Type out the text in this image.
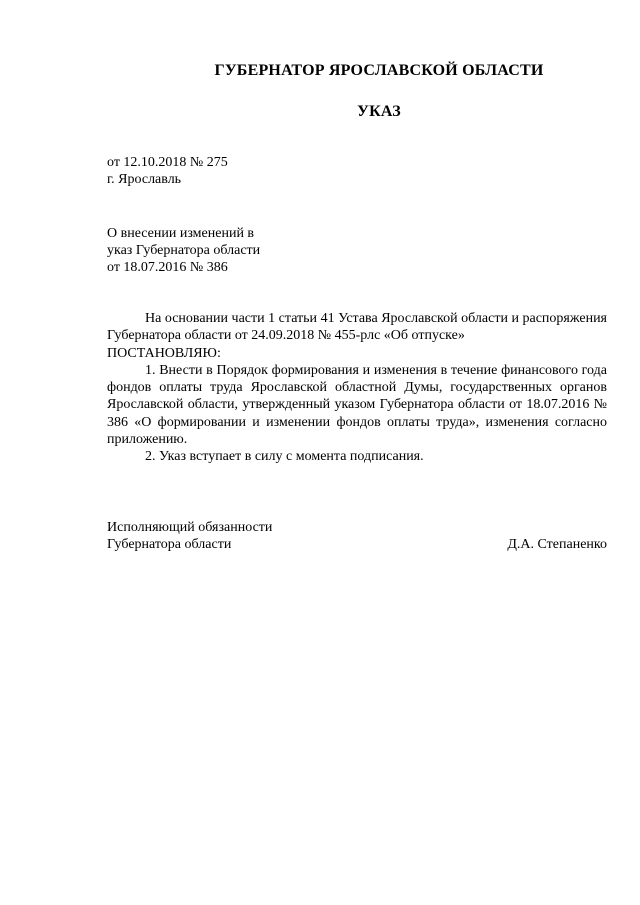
ГУБЕРНАТОР ЯРОСЛАВСКОЙ ОБЛАСТИ
УКАЗ
от 12.10.2018 № 275
г. Ярославль
О внесении изменений в
указ Губернатора области
от 18.07.2016 № 386

На основании части 1 статьи 41 Устава Ярославской области и распоряжения Губернатора области от 24.09.2018 № 455-рлс «Об отпуске»

ПОСТАНОВЛЯЮ:

1. Внести в Порядок формирования и изменения в течение финансового года фондов оплаты труда Ярославской областной Думы, государственных органов Ярославской области, утвержденный указом Губернатора области от 18.07.2016 № 386 «О формировании и изменении фондов оплаты труда», изменения согласно приложению.

2. Указ вступает в силу с момента подписания.

Исполняющий обязанности
Губернатора области	Д.А. Степаненко
